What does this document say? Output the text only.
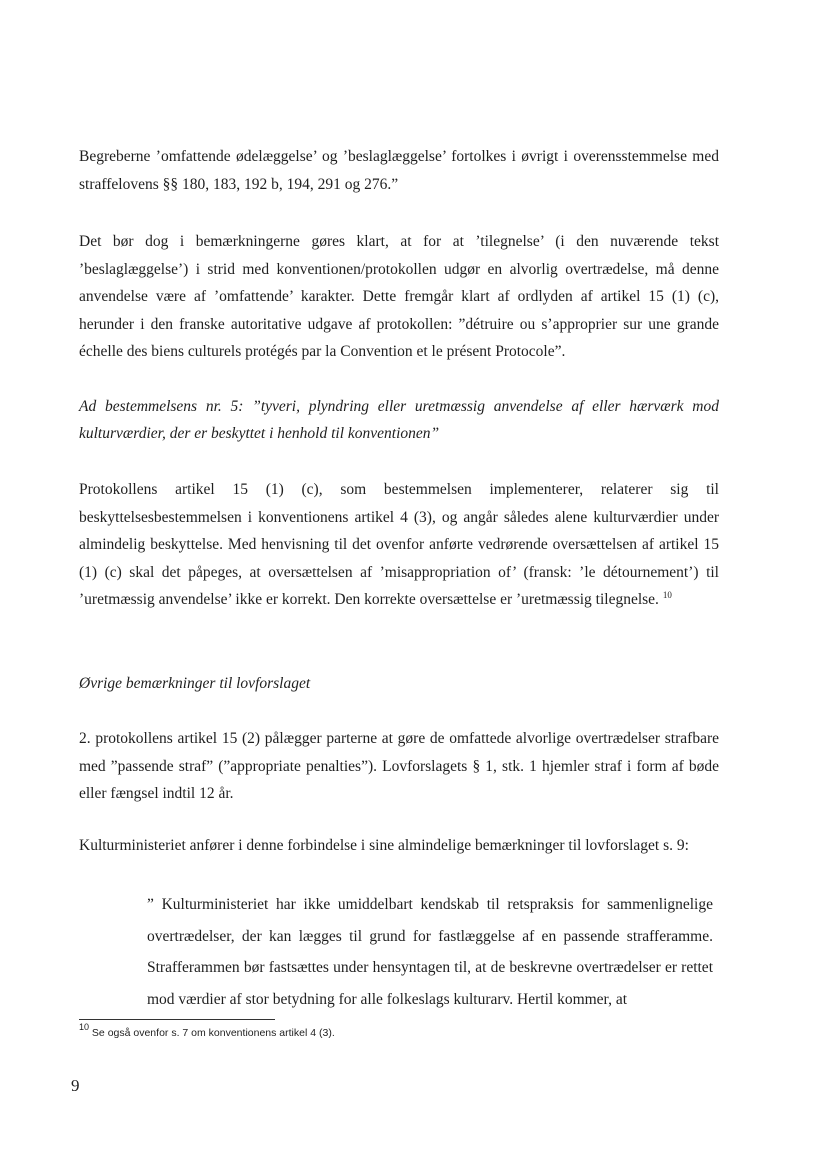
Begreberne ’omfattende ødelæggelse’ og ’beslaglæggelse’ fortolkes i øvrigt i overensstemmelse med straffelovens §§ 180, 183, 192 b, 194, 291 og 276.”

Det bør dog i bemærkningerne gøres klart, at for at ’tilegnelse’ (i den nuværende tekst ’beslaglæggelse’) i strid med konventionen/protokollen udgør en alvorlig overtrædelse, må denne anvendelse være af ’omfattende’ karakter. Dette fremgår klart af ordlyden af artikel 15 (1) (c), herunder i den franske autoritative udgave af protokollen: ”détruire ou s’approprier sur une grande échelle des biens culturels protégés par la Convention et le présent Protocole”.

Ad bestemmelsens nr. 5: ”tyveri, plyndring eller uretmæssig anvendelse af eller hærværk mod kulturværdier, der er beskyttet i henhold til konventionen”

Protokollens artikel 15 (1) (c), som bestemmelsen implementerer, relaterer sig til beskyttelsesbestemmelsen i konventionens artikel 4 (3), og angår således alene kulturværdier under almindelig beskyttelse. Med henvisning til det ovenfor anførte vedrørende oversættelsen af artikel 15 (1) (c) skal det påpeges, at oversættelsen af ’misappropriation of’ (fransk: ’le détournement’) til ’uretmæssig anvendelse’ ikke er korrekt. Den korrekte oversættelse er ’uretmæssig tilegnelse. $^{10}$

Øvrige bemærkninger til lovforslaget

2. protokollens artikel 15 (2) pålægger parterne at gøre de omfattede alvorlige overtrædelser strafbare med ”passende straf” (”appropriate penalties”). Lovforslagets § 1, stk. 1 hjemler straf i form af bøde eller fængsel indtil 12 år.

Kulturministeriet anfører i denne forbindelse i sine almindelige bemærkninger til lovforslaget s. 9:

” Kulturministeriet har ikke umiddelbart kendskab til retspraksis for sammenlignelige overtrædelser, der kan lægges til grund for fastlæggelse af en passende strafferamme. Strafferammen bør fastsættes under hensyntagen til, at de beskrevne overtrædelser er rettet mod værdier af stor betydning for alle folkeslags kulturarv. Hertil kommer, at

$^{10}$ Se også ovenfor s. 7 om konventionens artikel 4 (3).

9
